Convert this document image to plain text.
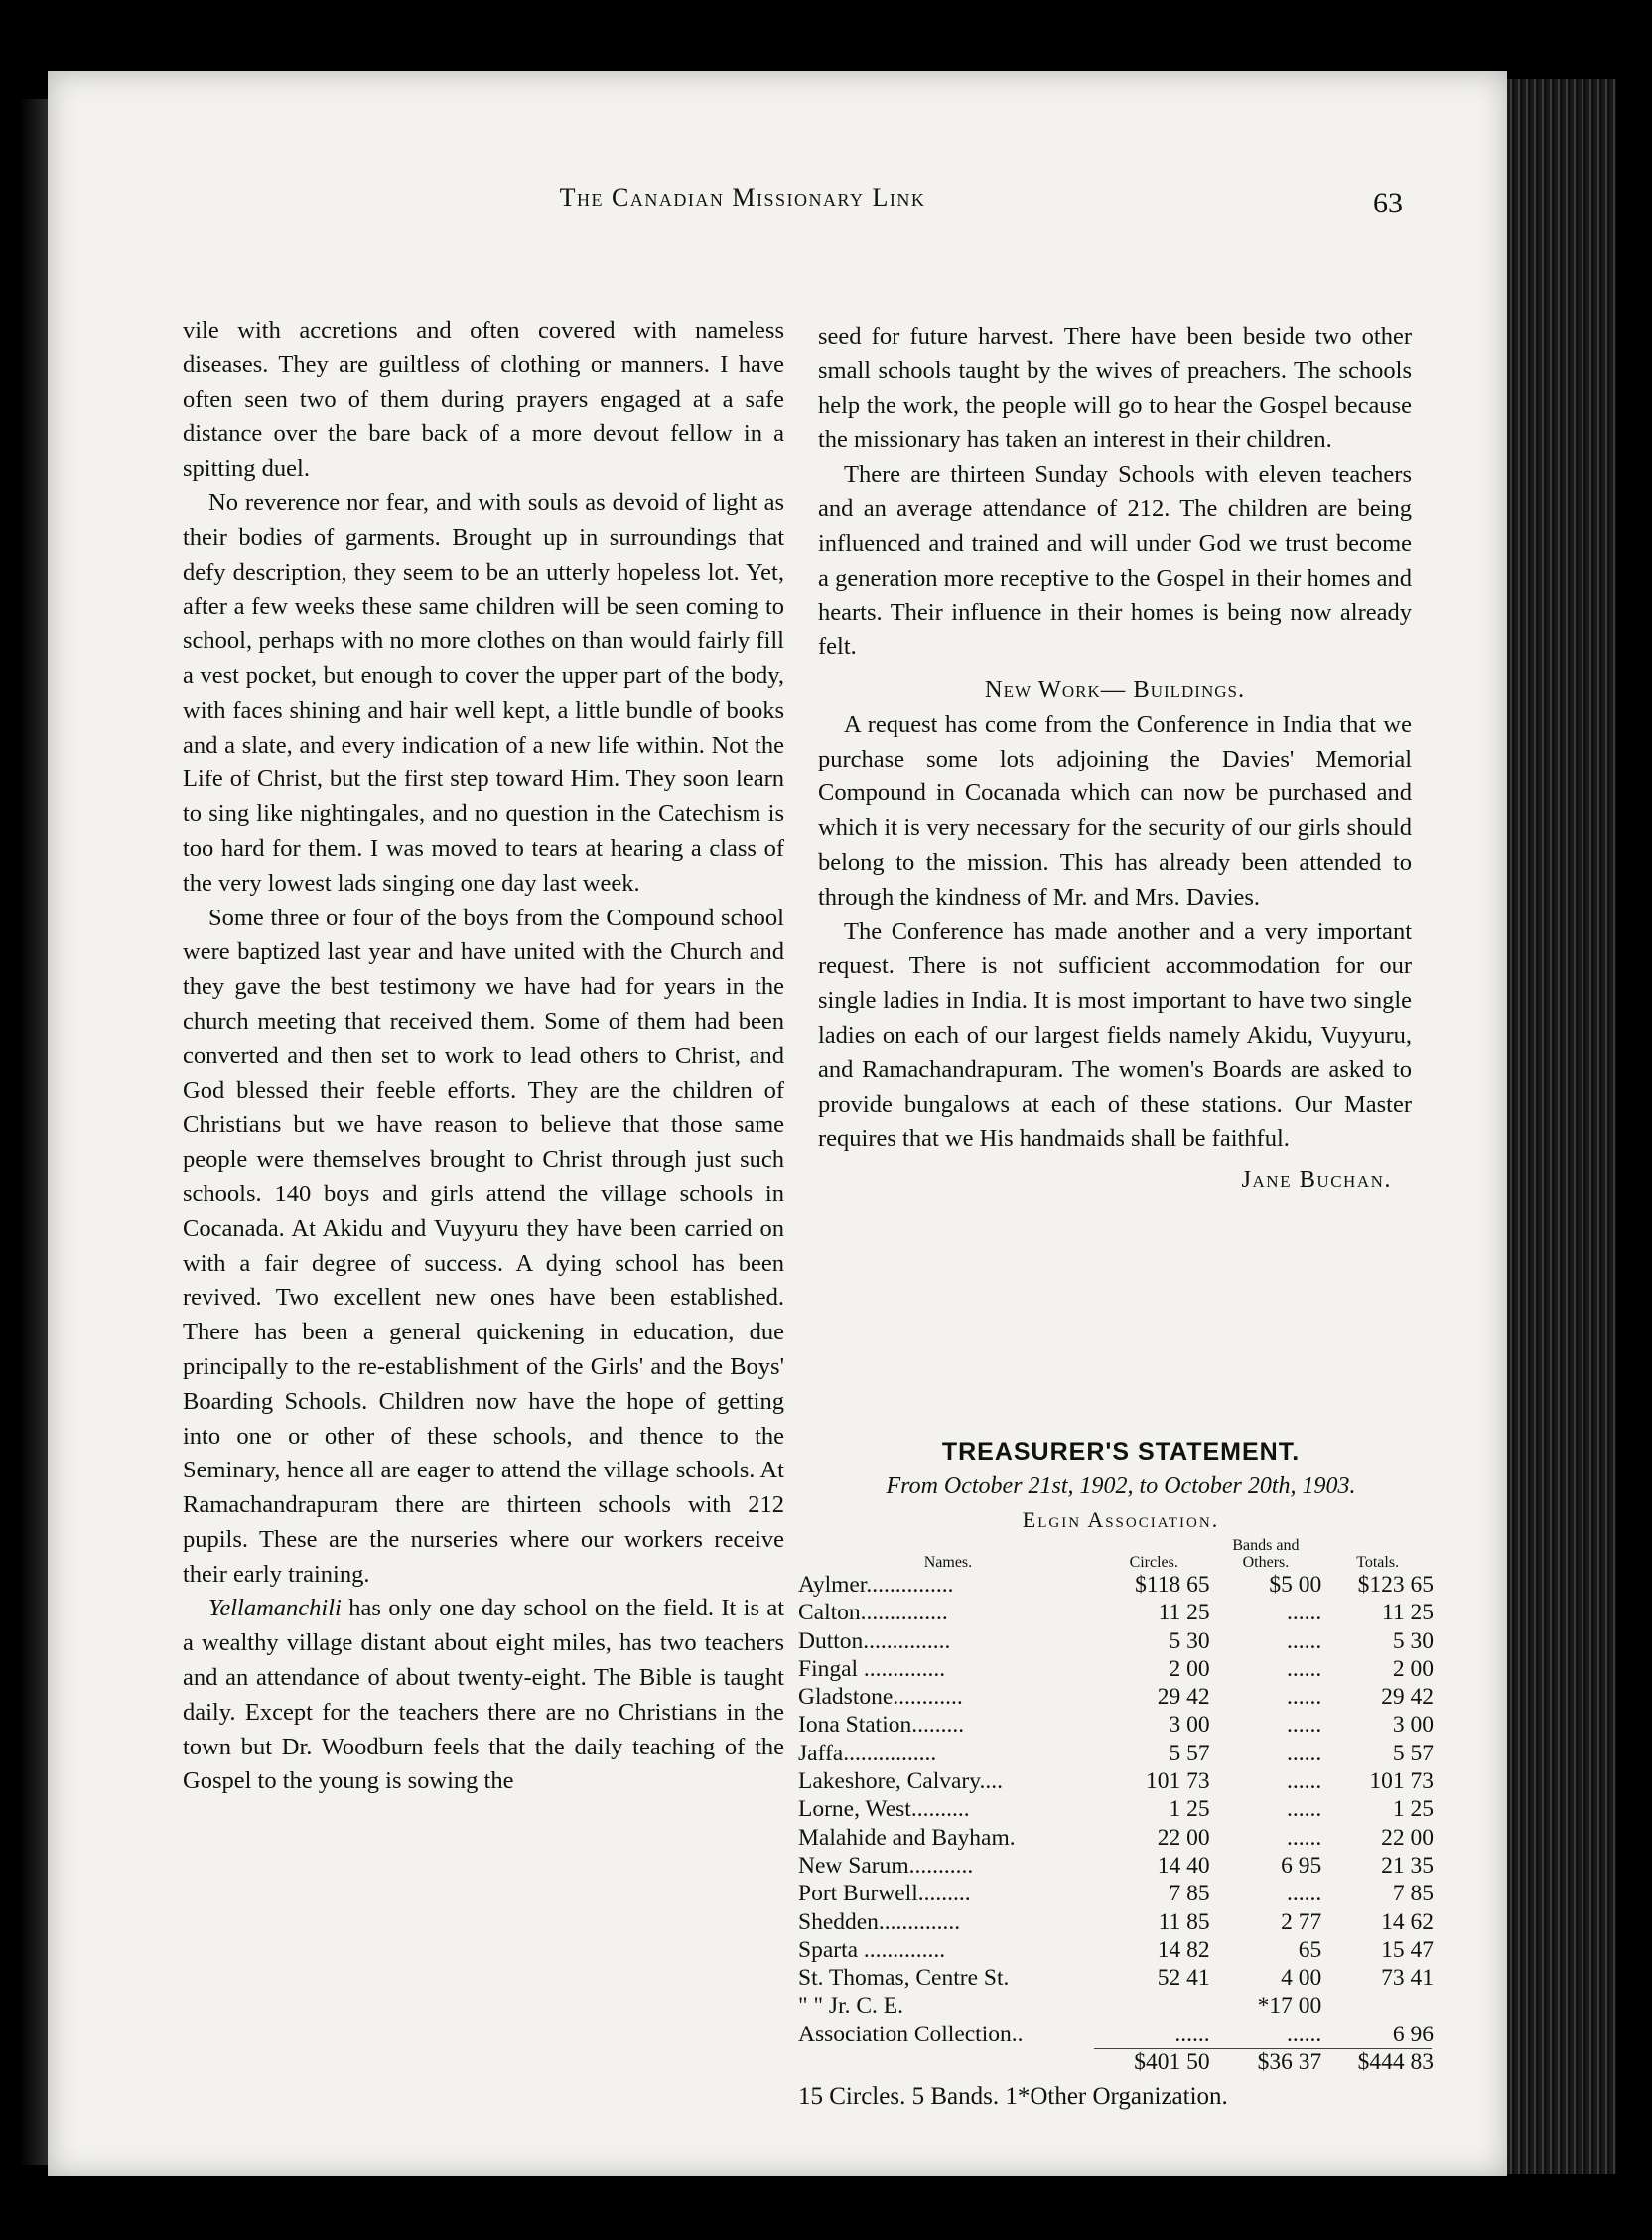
The Canadian Missionary Link	63

vile with accretions and often covered with nameless diseases. They are guiltless of clothing or manners. I have often seen two of them during prayers engaged at a safe distance over the bare back of a more devout fellow in a spitting duel.

No reverence nor fear, and with souls as devoid of light as their bodies of garments. Brought up in surroundings that defy description, they seem to be an utterly hopeless lot. Yet, after a few weeks these same children will be seen coming to school, perhaps with no more clothes on than would fairly fill a vest pocket, but enough to cover the upper part of the body, with faces shining and hair well kept, a little bundle of books and a slate, and every indication of a new life within. Not the Life of Christ, but the first step toward Him. They soon learn to sing like nightingales, and no question in the Catechism is too hard for them. I was moved to tears at hearing a class of the very lowest lads singing one day last week.

Some three or four of the boys from the Compound school were baptized last year and have united with the Church and they gave the best testimony we have had for years in the church meeting that received them. Some of them had been converted and then set to work to lead others to Christ, and God blessed their feeble efforts. They are the children of Christians but we have reason to believe that those same people were themselves brought to Christ through just such schools. 140 boys and girls attend the village schools in Cocanada. At Akidu and Vuyyuru they have been carried on with a fair degree of success. A dying school has been revived. Two excellent new ones have been established. There has been a general quickening in education, due principally to the re-establishment of the Girls' and the Boys' Boarding Schools. Children now have the hope of getting into one or other of these schools, and thence to the Seminary, hence all are eager to attend the village schools. At Ramachandrapuram there are thirteen schools with 212 pupils. These are the nurseries where our workers receive their early training.

Yellamanchili has only one day school on the field. It is at a wealthy village distant about eight miles, has two teachers and an attendance of about twenty-eight. The Bible is taught daily. Except for the teachers there are no Christians in the town but Dr. Woodburn feels that the daily teaching of the Gospel to the young is sowing the

seed for future harvest. There have been beside two other small schools taught by the wives of preachers. The schools help the work, the people will go to hear the Gospel because the missionary has taken an interest in their children.

There are thirteen Sunday Schools with eleven teachers and an average attendance of 212. The children are being influenced and trained and will under God we trust become a generation more receptive to the Gospel in their homes and hearts. Their influence in their homes is being now already felt.

New Work— Buildings.

A request has come from the Conference in India that we purchase some lots adjoining the Davies' Memorial Compound in Cocanada which can now be purchased and which it is very necessary for the security of our girls should belong to the mission. This has already been attended to through the kindness of Mr. and Mrs. Davies.

The Conference has made another and a very important request. There is not sufficient accommodation for our single ladies in India. It is most important to have two single ladies on each of our largest fields namely Akidu, Vuyyuru, and Ramachandrapuram. The women's Boards are asked to provide bungalows at each of these stations. Our Master requires that we His handmaids shall be faithful.

Jane Buchan.

TREASURER'S STATEMENT.
From October 21st, 1902, to October 20th, 1903.
Elgin Association.
Names.	Circles.	Bands and Others.	Totals.
Aylmer...............	$118 65	$5 00	$123 65
Calton...............	11 25	......	11 25
Dutton...............	5 30	......	5 30
Fingal ..............	2 00	......	2 00
Gladstone............	29 42	......	29 42
Iona Station.........	3 00	......	3 00
Jaffa................	5 57	......	5 57
Lakeshore, Calvary....	101 73	......	101 73
Lorne, West..........	1 25	......	1 25
Malahide and Bayham.	22 00	......	22 00
New Sarum...........	14 40	6 95	21 35
Port Burwell.........	7 85	......	7 85
Shedden..............	11 85	2 77	14 62
Sparta ..............	14 82	65	15 47
St. Thomas, Centre St.	52 41	4 00	73 41
" " Jr. C. E.		*17 00	
Association Collection..	......	......	6 96
	$401 50	$36 37	$444 83
15 Circles. 5 Bands. 1*Other Organization.
